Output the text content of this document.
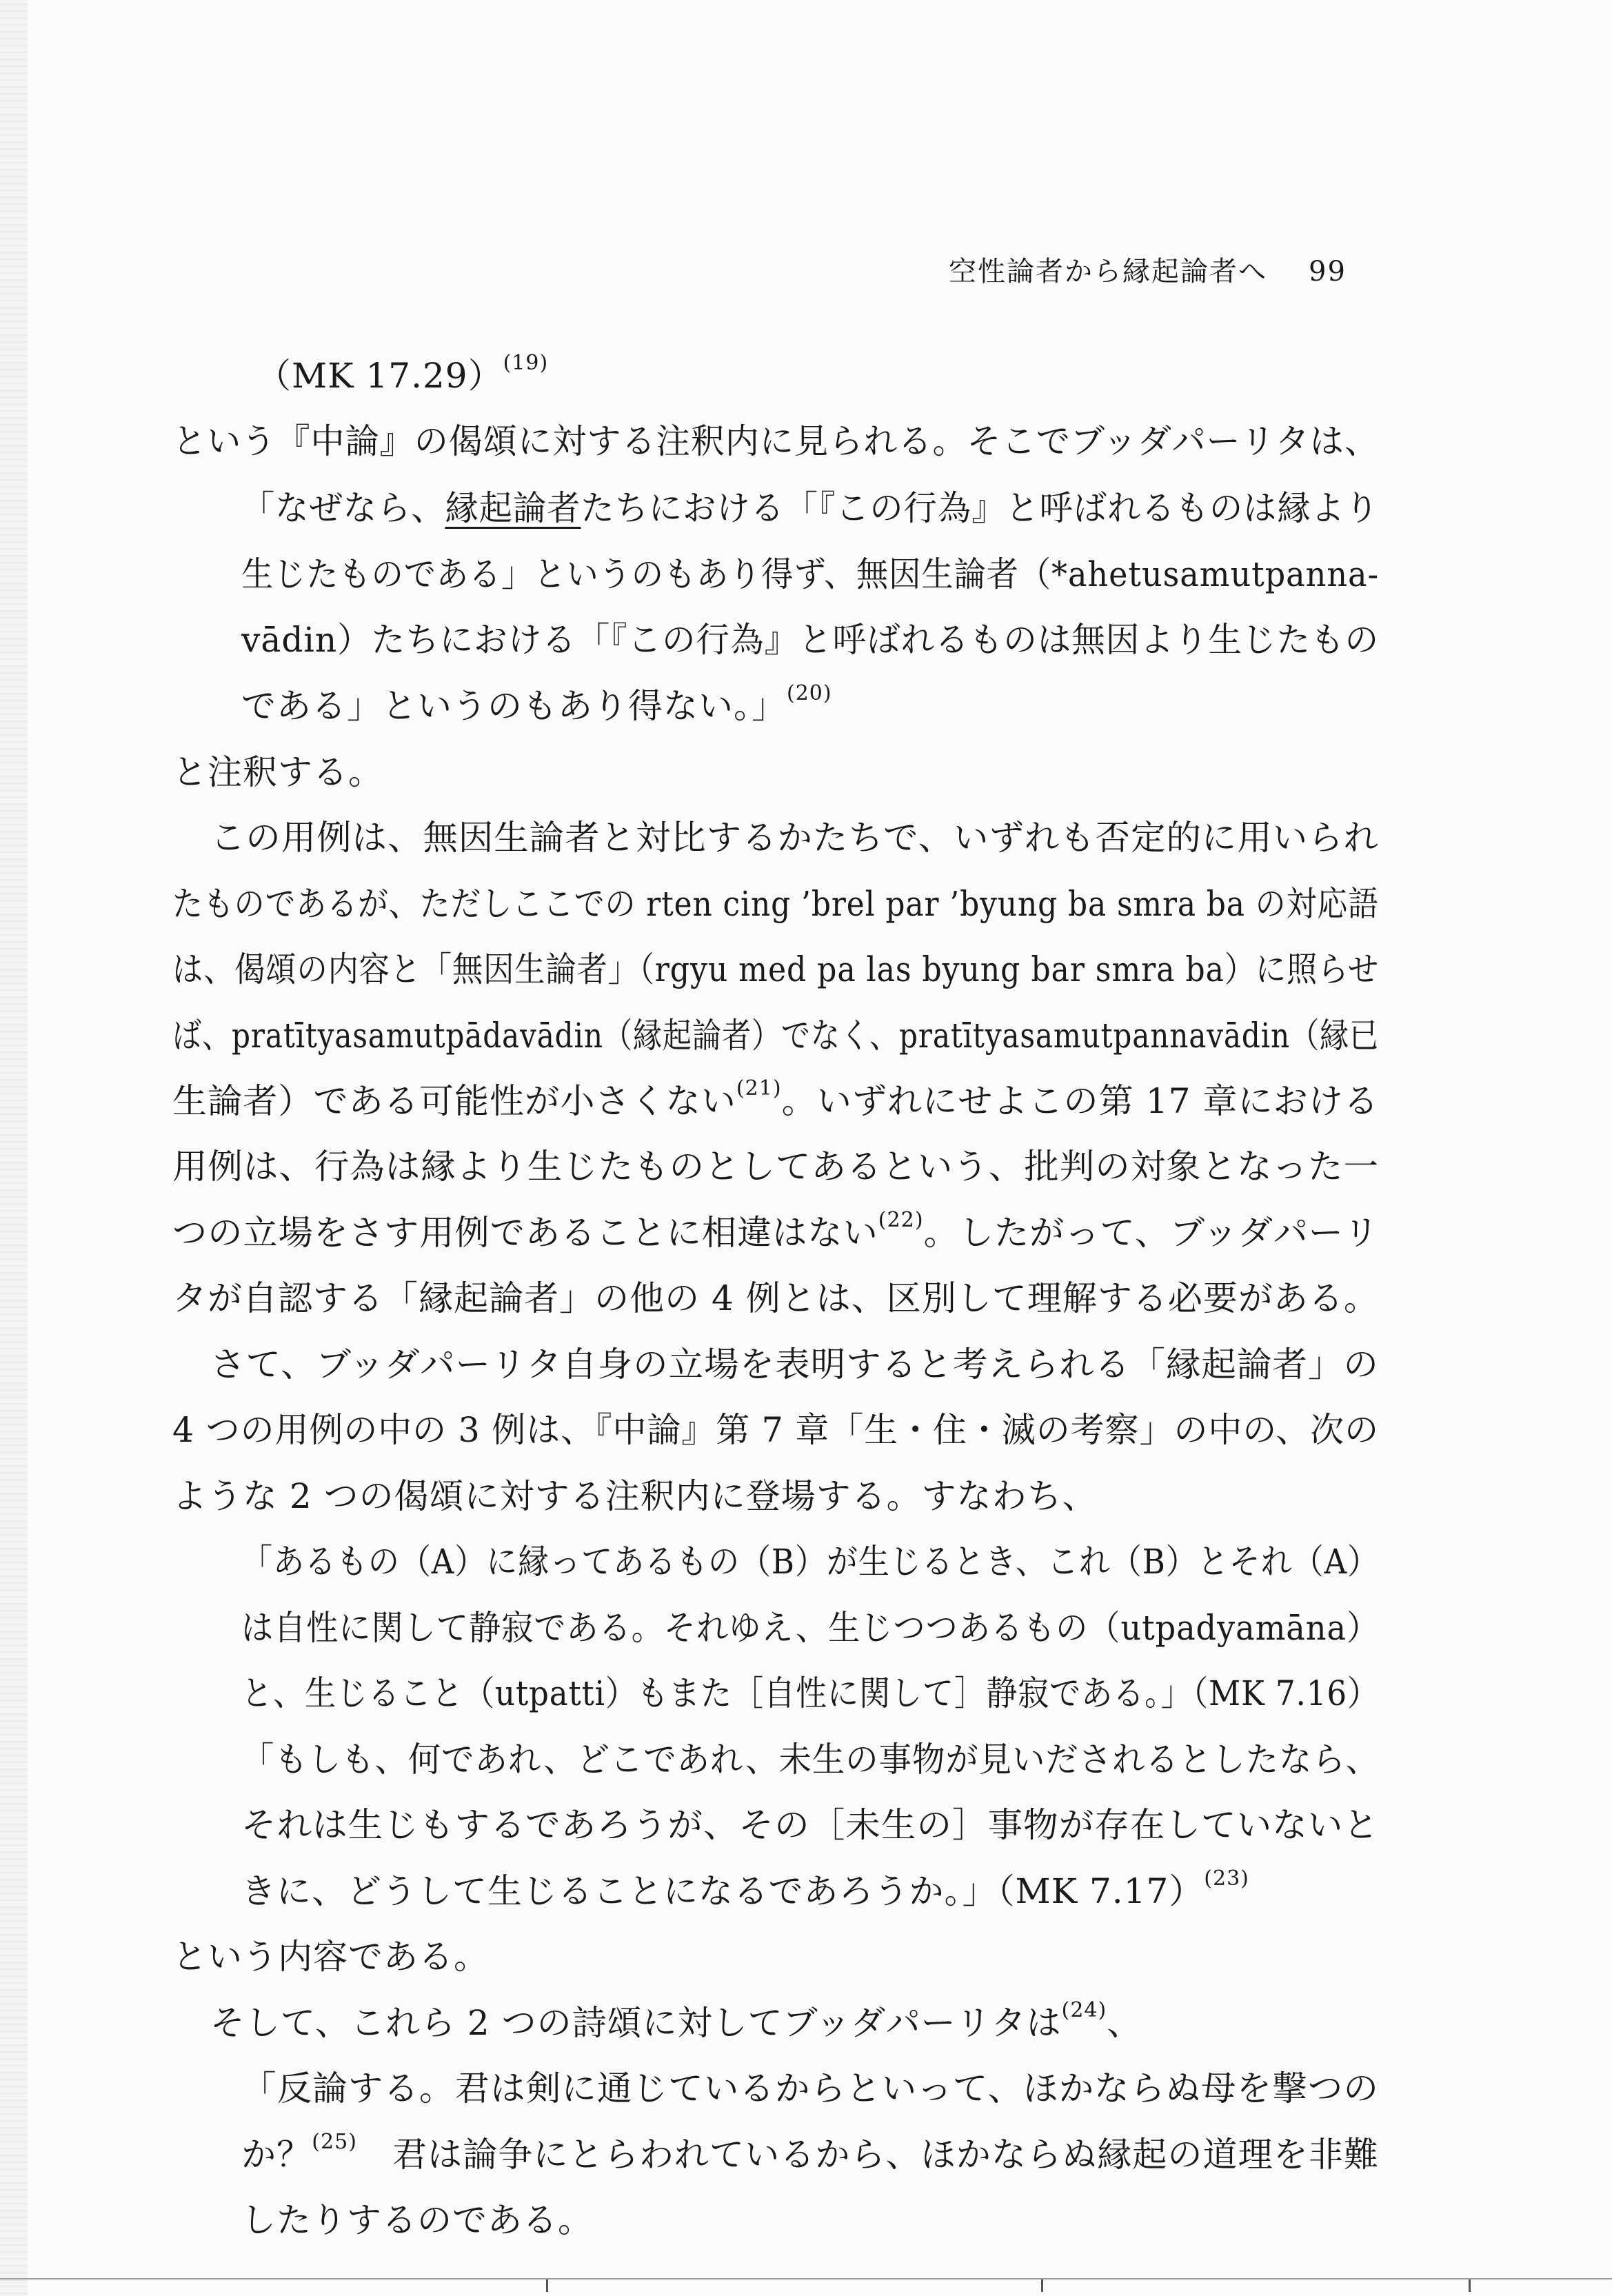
空性論者から縁起論者へ 99
（MK 17.29）$^{(19)}$
という『中論』の偈頌に対する注釈内に見られる。そこでブッダパーリタは、
「なぜなら、縁起論者たちにおける「『この行為』と呼ばれるものは縁より
生じたものである」というのもあり得ず、無因生論者（*ahetusamutpanna-
vādin）たちにおける「『この行為』と呼ばれるものは無因より生じたもの
である」というのもあり得ない。」$^{(20)}$
と注釈する。
この用例は、無因生論者と対比するかたちで、いずれも否定的に用いられ
たものであるが、ただしここでの rten cing ’brel par ’byung ba smra ba の対応語
は、偈頌の内容と「無因生論者」（rgyu med pa las byung bar smra ba）に照らせ
ば、pratītyasamutpādavādin（縁起論者）でなく、pratītyasamutpannavādin（縁已
生論者）である可能性が小さくない$^{(21)}$。いずれにせよこの第 17 章における
用例は、行為は縁より生じたものとしてあるという、批判の対象となった一
つの立場をさす用例であることに相違はない$^{(22)}$。したがって、ブッダパーリ
タが自認する「縁起論者」の他の 4 例とは、区別して理解する必要がある。
さて、ブッダパーリタ自身の立場を表明すると考えられる「縁起論者」の
4 つの用例の中の 3 例は、『中論』第 7 章「生・住・滅の考察」の中の、次の
ような 2 つの偈頌に対する注釈内に登場する。すなわち、
「あるもの（A）に縁ってあるもの（B）が生じるとき、これ（B）とそれ（A）
は自性に関して静寂である。それゆえ、生じつつあるもの（utpadyamāna）
と、生じること（utpatti）もまた［自性に関して］静寂である。」（MK 7.16）
「もしも、何であれ、どこであれ、未生の事物が見いだされるとしたなら、
それは生じもするであろうが、その［未生の］事物が存在していないと
きに、どうして生じることになるであろうか。」（MK 7.17）$^{(23)}$
という内容である。
そして、これら 2 つの詩頌に対してブッダパーリタは$^{(24)}$、
「反論する。君は剣に通じているからといって、ほかならぬ母を撃つの
か？$^{(25)}$　君は論争にとらわれているから、ほかならぬ縁起の道理を非難
したりするのである。
